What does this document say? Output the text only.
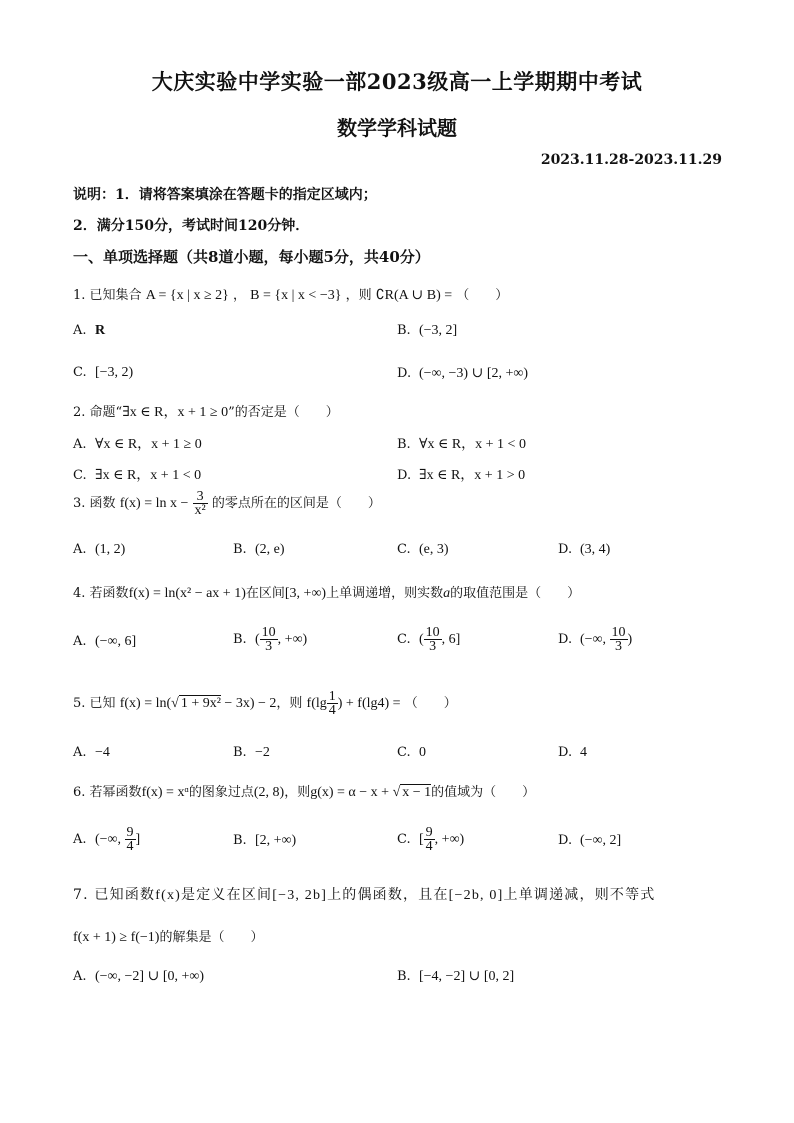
大庆实验中学实验一部2023级高一上学期期中考试
数学学科试题
2023.11.28-2023.11.29
说明：1．请将答案填涂在答题卡的指定区域内；
2．满分150分，考试时间120分钟．
一、单项选择题（共8道小题，每小题5分，共40分）
1. 已知集合 A = {x | x ≥ 2} ， B = {x | x < −3} ，则 ∁R(A ∪ B) = （　　）
A. R	B. (−3, 2]
C. [−3, 2)	D. (−∞, −3) ∪ [2, +∞)
2. 命题“∃x ∈ R，x + 1 ≥ 0”的否定是（　　）
A. ∀x ∈ R，x + 1 ≥ 0	B. ∀x ∈ R，x + 1 < 0
C. ∃x ∈ R，x + 1 < 0	D. ∃x ∈ R，x + 1 > 0
3. 函数 $f(x) = \ln x - \frac{3}{\text{x²}}$ 的零点所在的区间是（　　）
A. (1, 2)	B. (2, e)	C. (e, 3)	D. (3, 4)
4. 若函数f(x) = ln(x² − ax + 1)在区间[3, +∞)上单调递增，则实数a的取值范围是（　　）
A. (−∞, 6]	B. ( $\frac{10}{3}$ , +∞)	C. ( $\frac{10}{3}$ , 6]	D. (−∞, $\frac{10}{3}$ )
5. 已知 f(x) = ln(√ 1 + 9x² − 3x) − 2，则 $f(\lg \frac{1}{4}$ ) + f(lg4) = （　　）
A. −4	B. −2	C. 0	D. 4
6. 若幂函数f(x) = xᵅ的图象过点(2, 8)，则g(x) = α − x + √ x − 1的值域为（　　）
A. (−∞, $\frac{9}{4}$ ]	B. [2, +∞)	C. [ $\frac{9}{4}$ , +∞)	D. (−∞, 2]
7. 已知函数f(x)是定义在区间[−3, 2b]上的偶函数，且在[−2b, 0]上单调递减，则不等式
f(x + 1) ≥ f(−1)的解集是（　　）
A. (−∞, −2] ∪ [0, +∞)	B. [−4, −2] ∪ [0, 2]
